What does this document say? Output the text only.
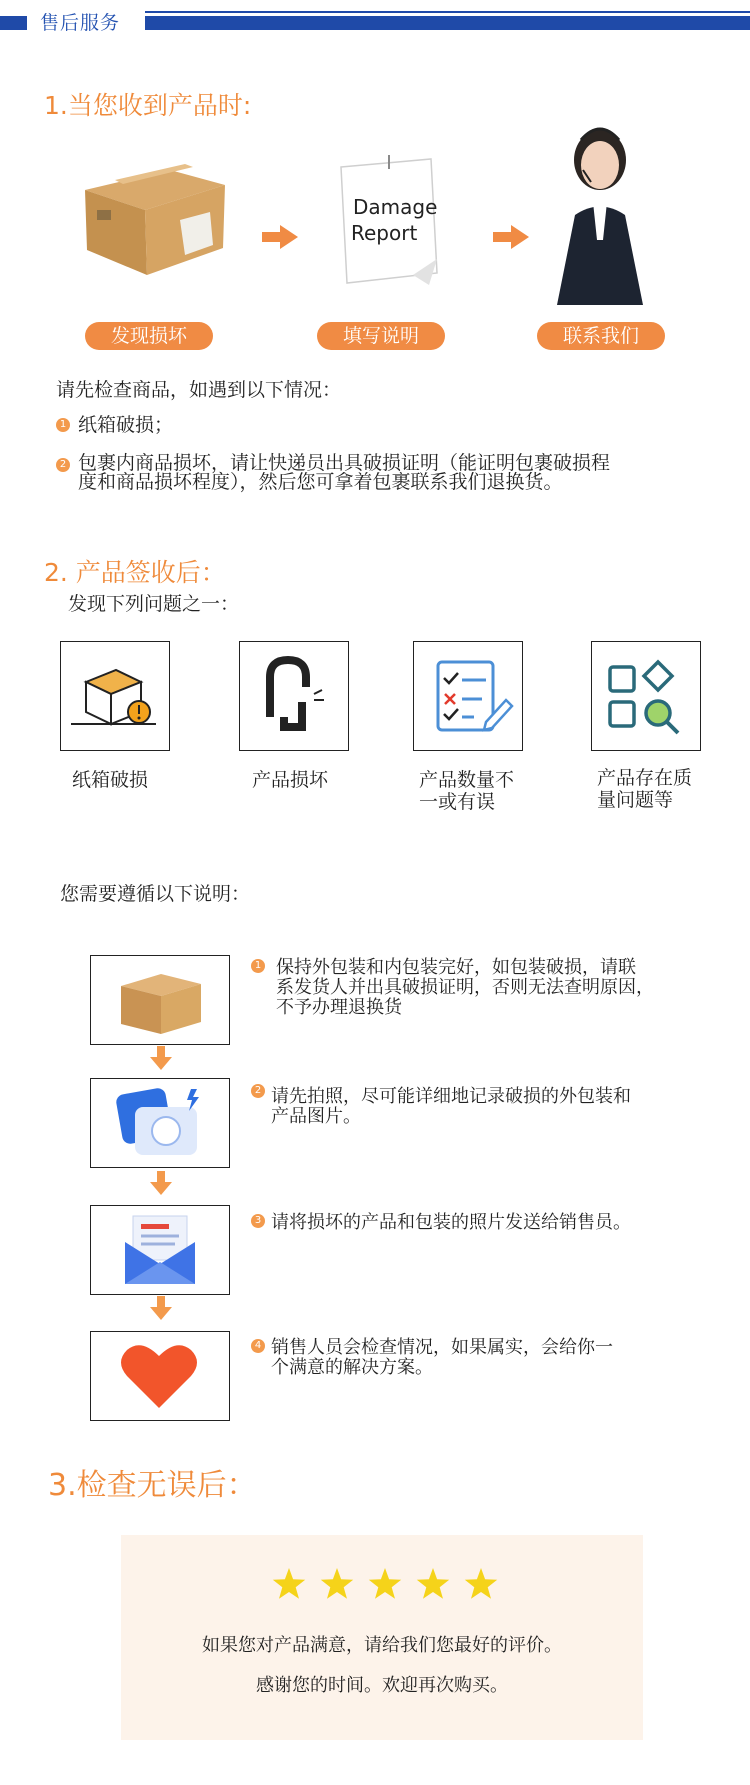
售后服务
1.当您收到产品时:
Damage
Report
发现损坏	填写说明	联系我们
请先检查商品，如遇到以下情况：
1 纸箱破损；
2 包裹内商品损坏，请让快递员出具破损证明（能证明包裹破损程
度和商品损坏程度），然后您可拿着包裹联系我们退换货。
2. 产品签收后：
发现下列问题之一：
纸箱破损	产品损坏	产品数量不
一或有误
产品存在质
量问题等
您需要遵循以下说明：
1 保持外包装和内包装完好，如包装破损，请联
系发货人并出具破损证明，否则无法查明原因，
不予办理退换货
2 请先拍照，尽可能详细地记录破损的外包装和
产品图片。
3 请将损坏的产品和包装的照片发送给销售员。
4 销售人员会检查情况，如果属实，会给你一
个满意的解决方案。
3.检查无误后：
如果您对产品满意，请给我们您最好的评价。
感谢您的时间。欢迎再次购买。
